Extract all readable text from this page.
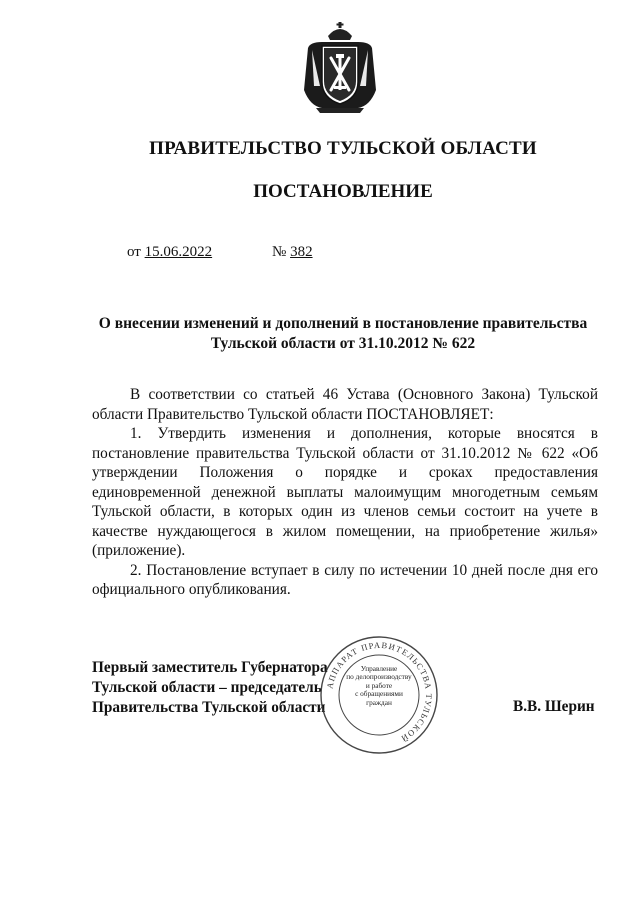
ПРАВИТЕЛЬСТВО ТУЛЬСКОЙ ОБЛАСТИ
ПОСТАНОВЛЕНИЕ
от 15.06.2022	№ 382
О внесении изменений и дополнений в постановление правительства Тульской области от 31.10.2012 № 622

В соответствии со статьей 46 Устава (Основного Закона) Тульской области Правительство Тульской области ПОСТАНОВЛЯЕТ:

1. Утвердить изменения и дополнения, которые вносятся в постановление правительства Тульской области от 31.10.2012 № 622 «Об утверждении Положения о порядке и сроках предоставления единовременной денежной выплаты малоимущим многодетным семьям Тульской области, в которых один из членов семьи состоит на учете в качестве нуждающегося в жилом помещении, на приобретение жилья» (приложение).

2. Постановление вступает в силу по истечении 10 дней после дня его официального опубликования.

Первый заместитель Губернатора
Тульской области – председатель
Правительства Тульской области	В.В. Шерин
АППАРАТ ПРАВИТЕЛЬСТВА ТУЛЬСКОЙ
Управление
по делопроизводству
и работе
с обращениями
граждан
